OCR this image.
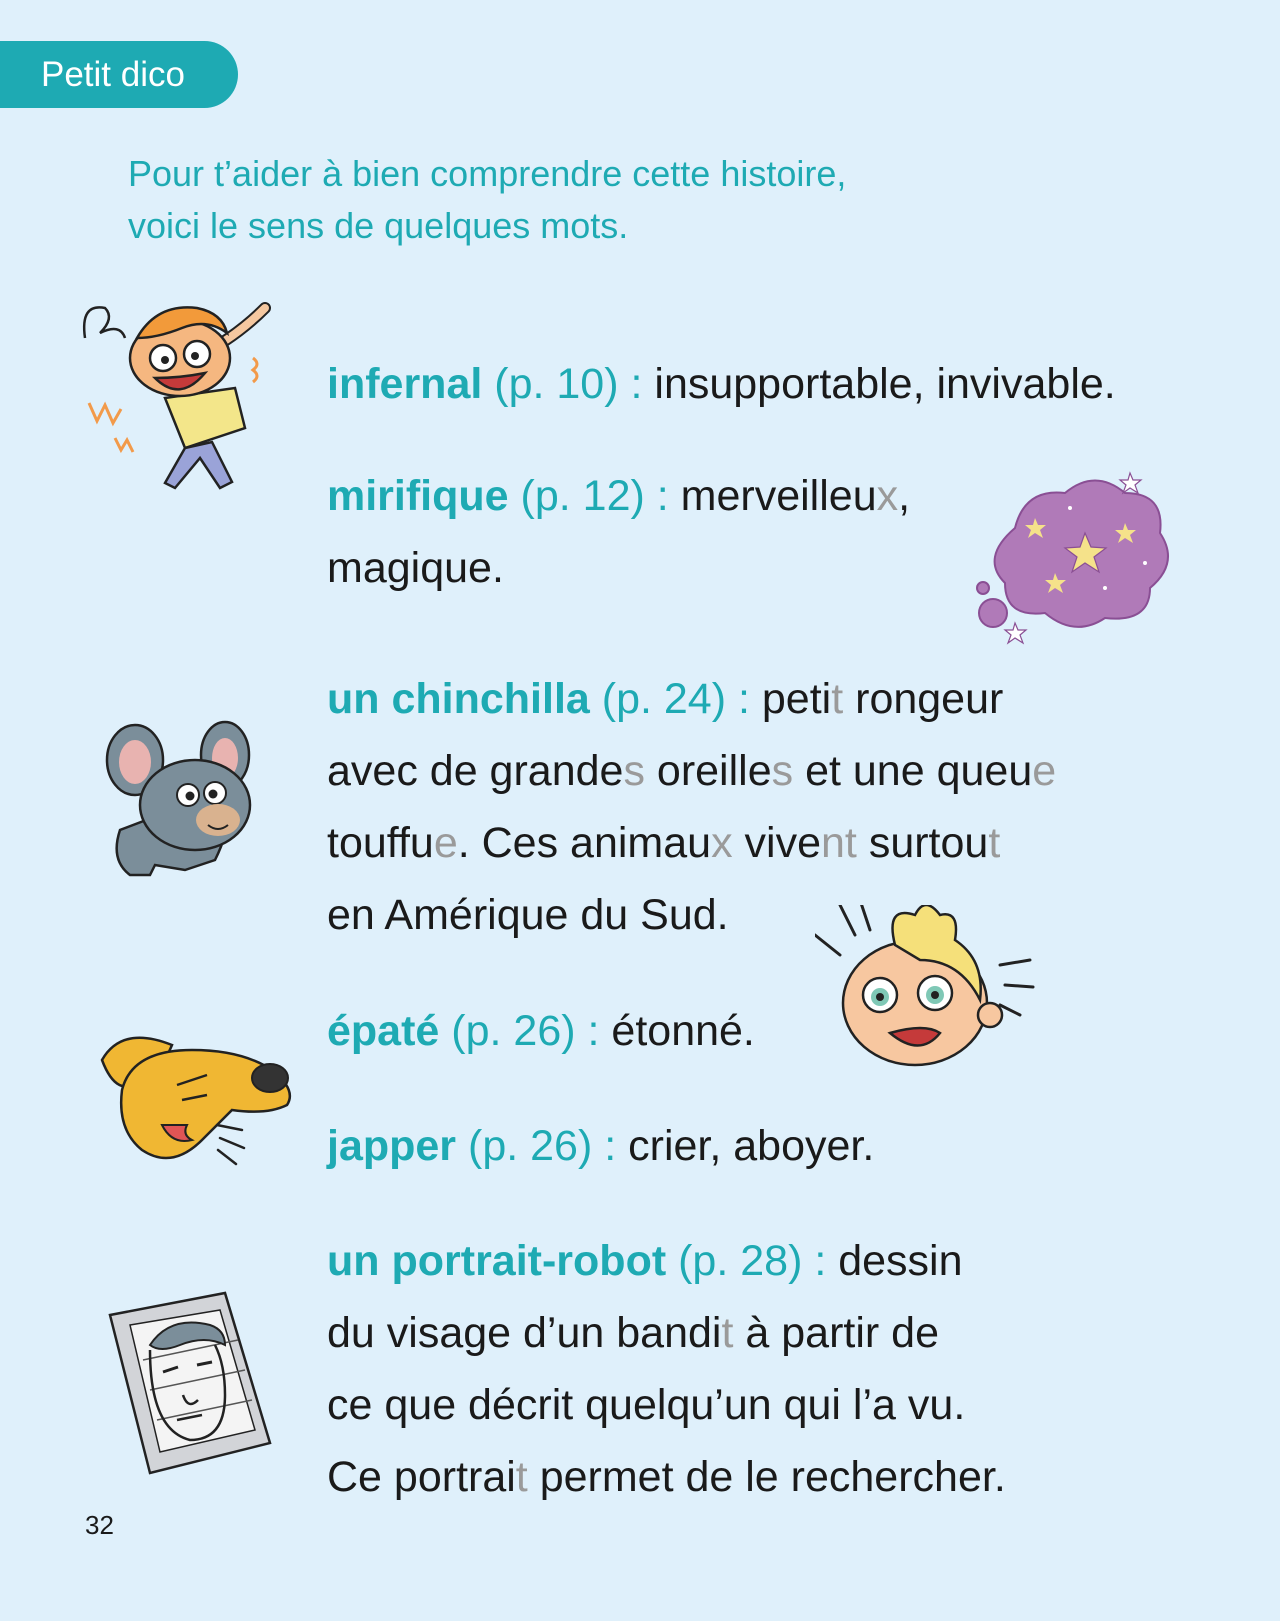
Petit dico
Pour t’aider à bien comprendre cette histoire,
voici le sens de quelques mots.
infernal (p. 10) : insupportable, invivable.
mirifique (p. 12) : merveilleux,
magique.
un chinchilla (p. 24) : petit rongeur
avec de grandes oreilles et une queue
touffue. Ces animaux vivent surtout
en Amérique du Sud.
épaté (p. 26) : étonné.
japper (p. 26) : crier, aboyer.
un portrait-robot (p. 28) : dessin
du visage d’un bandit à partir de
ce que décrit quelqu’un qui l’a vu.
Ce portrait permet de le rechercher.
32
